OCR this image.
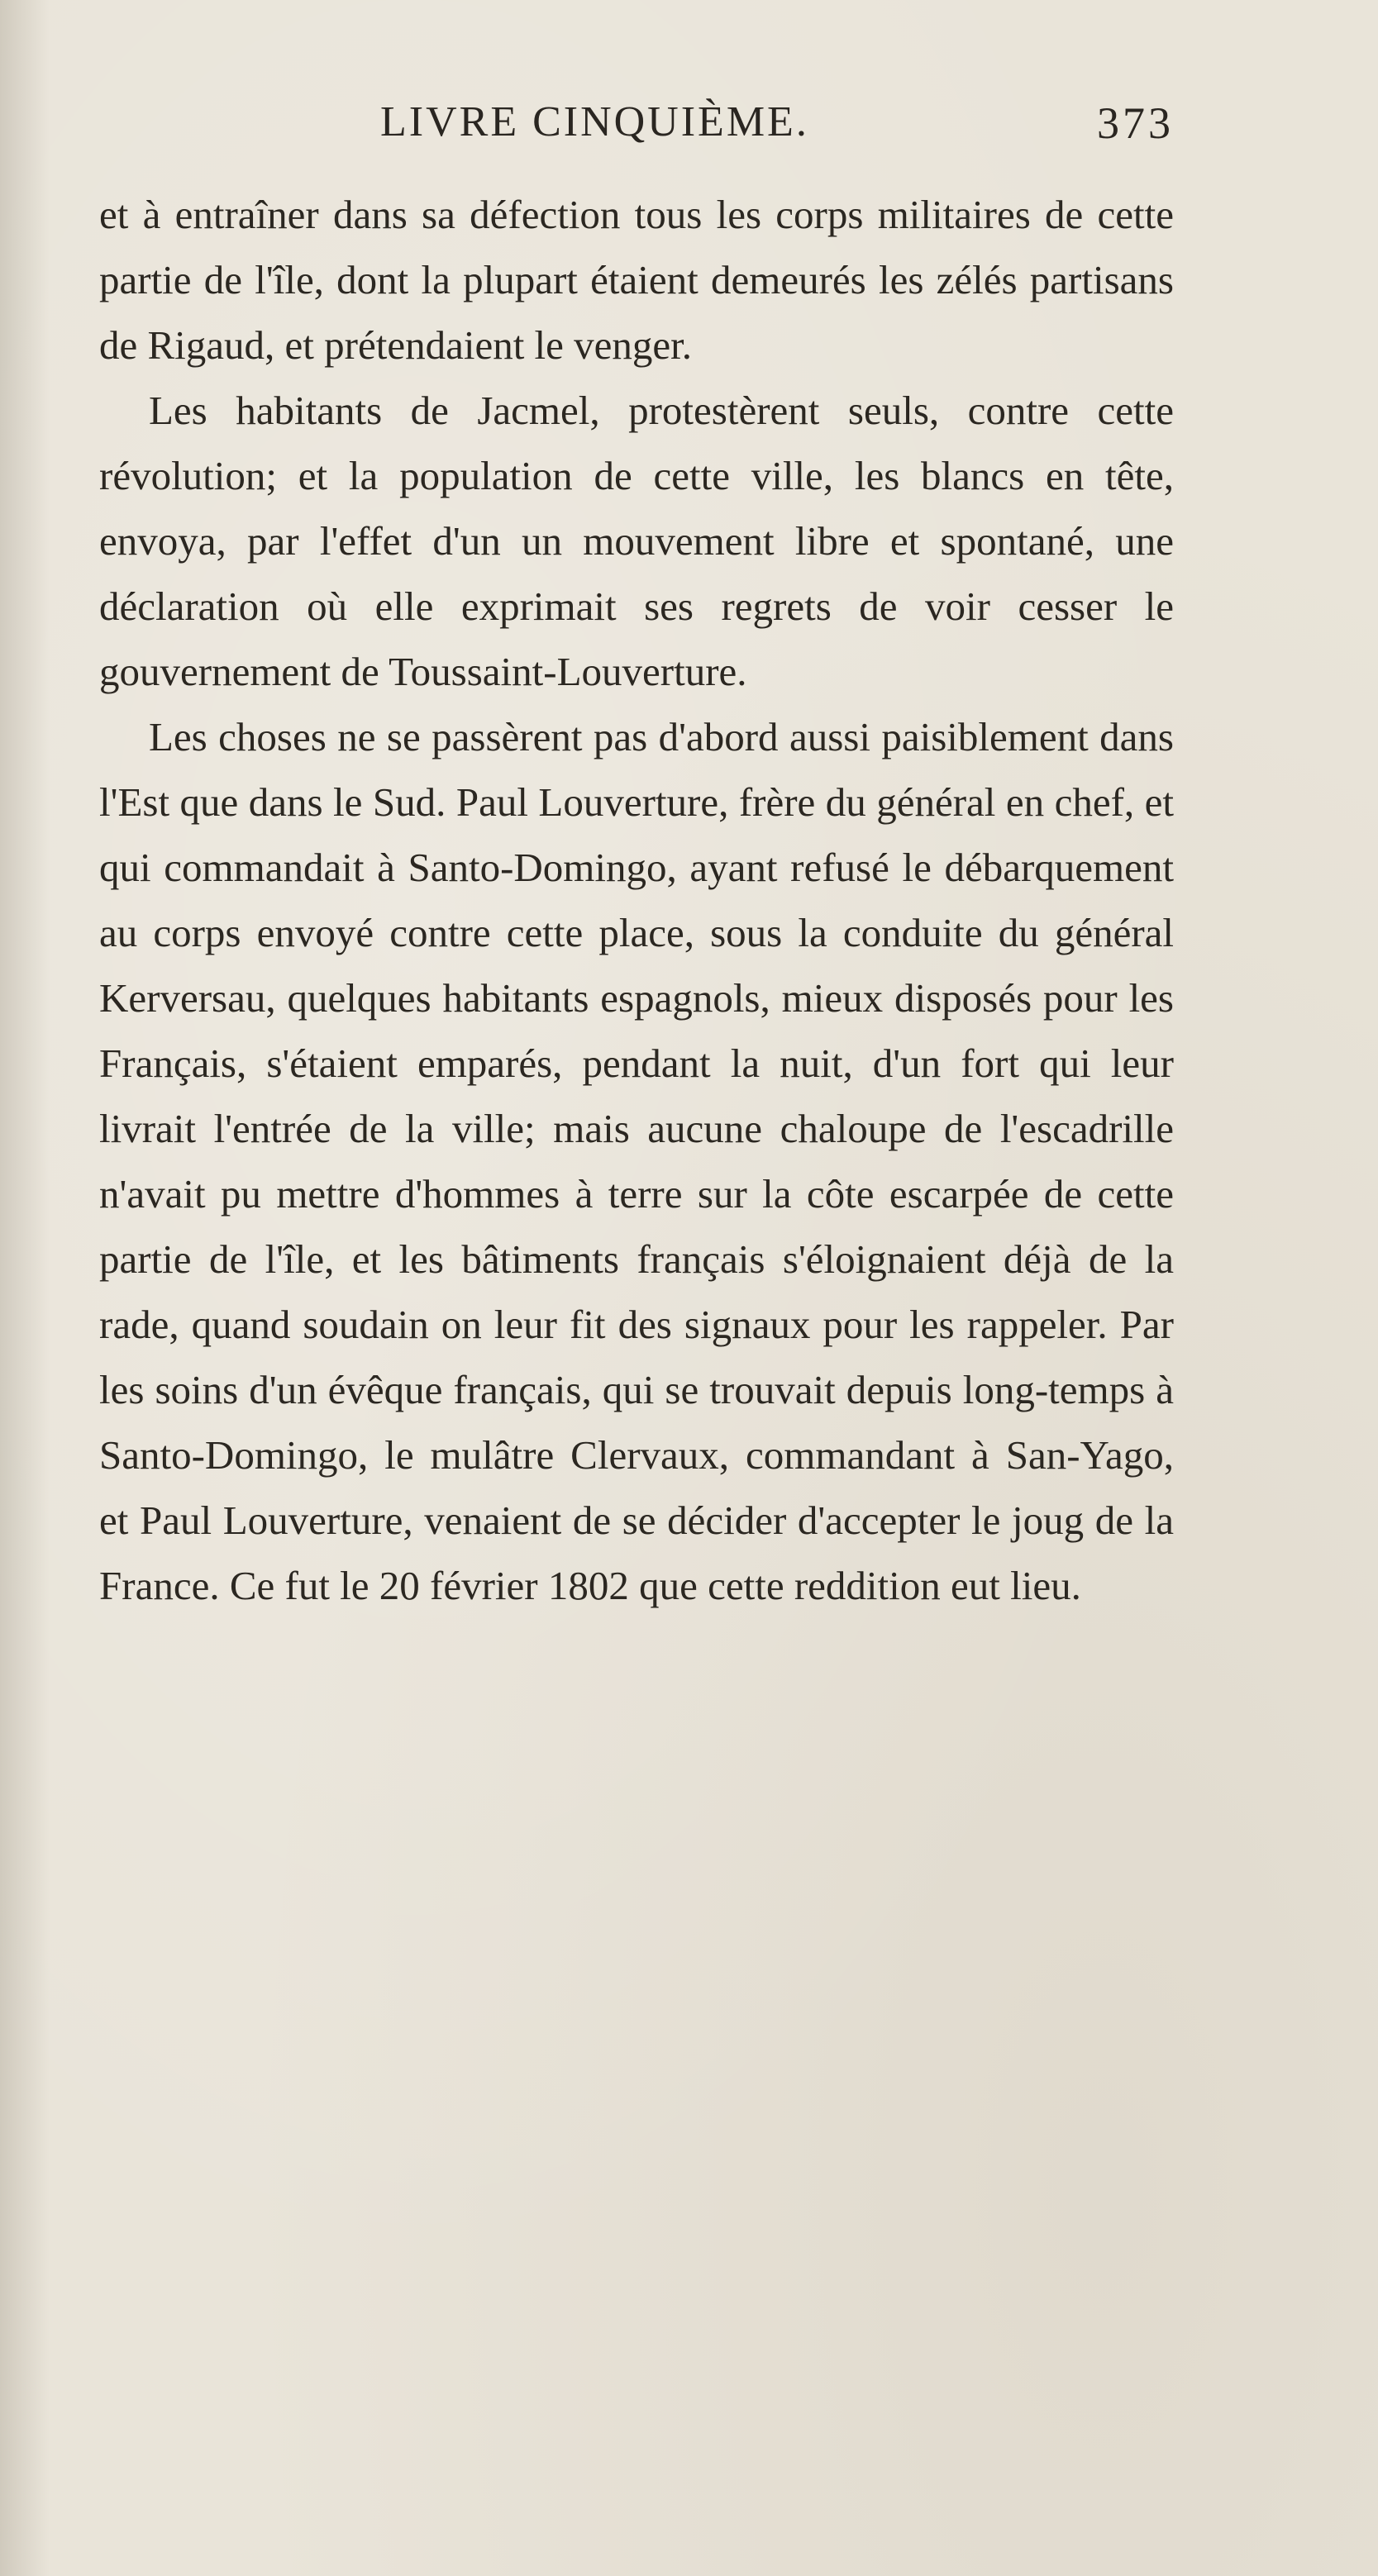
LIVRE CINQUIÈME.	373

et à entraîner dans sa défection tous les corps militaires de cette partie de l'île, dont la plupart étaient demeurés les zélés partisans de Rigaud, et prétendaient le venger.

Les habitants de Jacmel, protestèrent seuls, contre cette révolution; et la population de cette ville, les blancs en tête, envoya, par l'effet d'un un mouvement libre et spontané, une déclaration où elle exprimait ses regrets de voir cesser le gouvernement de Toussaint-Louverture.

Les choses ne se passèrent pas d'abord aussi paisiblement dans l'Est que dans le Sud. Paul Louverture, frère du général en chef, et qui commandait à Santo-Domingo, ayant refusé le débarquement au corps envoyé contre cette place, sous la conduite du général Kerversau, quelques habitants espagnols, mieux disposés pour les Français, s'étaient emparés, pendant la nuit, d'un fort qui leur livrait l'entrée de la ville; mais aucune chaloupe de l'escadrille n'avait pu mettre d'hommes à terre sur la côte escarpée de cette partie de l'île, et les bâtiments français s'éloignaient déjà de la rade, quand soudain on leur fit des signaux pour les rappeler. Par les soins d'un évêque français, qui se trouvait depuis long-temps à Santo-Domingo, le mulâtre Clervaux, commandant à San-Yago, et Paul Louverture, venaient de se décider d'accepter le joug de la France. Ce fut le 20 février 1802 que cette reddition eut lieu.
